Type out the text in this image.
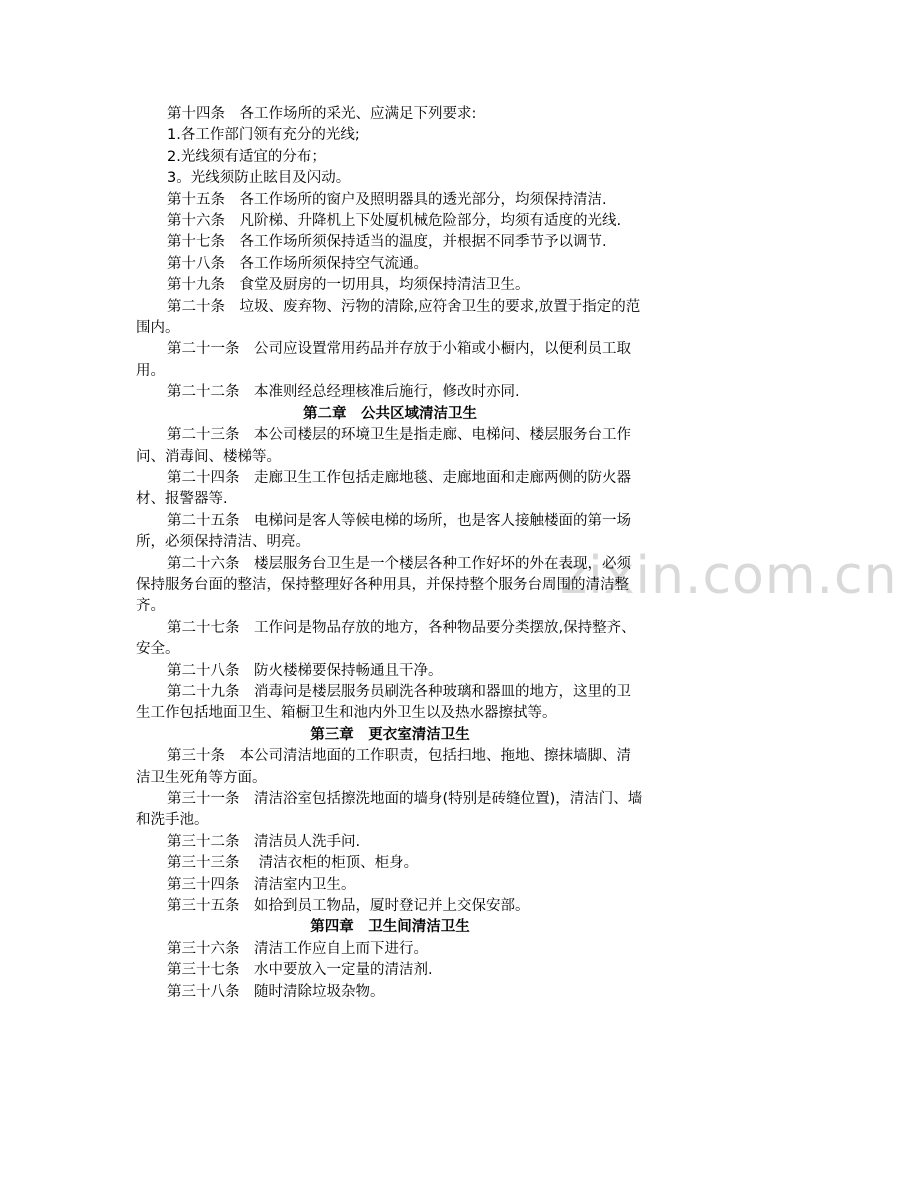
zixin.com.cn

第十四条　各工作场所的采光、应满足下列要求:

1.各工作部门领有充分的光线;

2.光线须有适宜的分布；

3。光线须防止眩目及闪动。

第十五条　各工作场所的窗户及照明器具的透光部分，均须保持清洁.

第十六条　凡阶梯、升降机上下处厦机械危险部分，均须有适度的光线.

第十七条　各工作场所须保持适当的温度，并根据不同季节予以调节.

第十八条　各工作场所须保持空气流通。

第十九条　食堂及厨房的一切用具，均须保持清洁卫生。

第二十条　垃圾、废弃物、污物的清除,应符舍卫生的要求,放置于指定的范围内。

第二十一条　公司应设置常用药品并存放于小箱或小橱内，以便利员工取用。

第二十二条　本准则经总经理核准后施行，修改时亦同.

第二章　公共区域清洁卫生

第二十三条　本公司楼层的环境卫生是指走廊、电梯问、楼层服务台工作问、消毒间、楼梯等。

第二十四条　走廊卫生工作包括走廊地毯、走廊地面和走廊两侧的防火器材、报警器等.

第二十五条　电梯问是客人等候电梯的场所，也是客人接触楼面的第一场所，必须保持清洁、明亮。

第二十六条　楼层服务台卫生是一个楼层各种工作好坏的外在表现，必须保持服务台面的整洁，保持整理好各种用具，并保持整个服务台周围的清洁整齐。

第二十七条　工作问是物品存放的地方，各种物品要分类摆放,保持整齐、安全。

第二十八条　防火楼梯要保持畅通且干净。

第二十九条　消毒问是楼层服务员刷洗各种玻璃和器皿的地方，这里的卫生工作包括地面卫生、箱橱卫生和池内外卫生以及热水器擦拭等。

第三章　更衣室清洁卫生

第三十条　本公司清洁地面的工作职责，包括扫地、拖地、擦抹墙脚、清洁卫生死角等方面。

第三十一条　清洁浴室包括擦洗地面的墙身(特别是砖缝位置)，清洁门、墙和洗手池。

第三十二条　清洁员人洗手问.

第三十三条　 清洁衣柜的柜顶、柜身。

第三十四条　清洁室内卫生。

第三十五条　如拾到员工物品，厦时登记并上交保安部。

第四章　卫生间清洁卫生

第三十六条　清洁工作应自上而下进行。

第三十七条　水中要放入一定量的清洁剂.

第三十八条　随时清除垃圾杂物。
